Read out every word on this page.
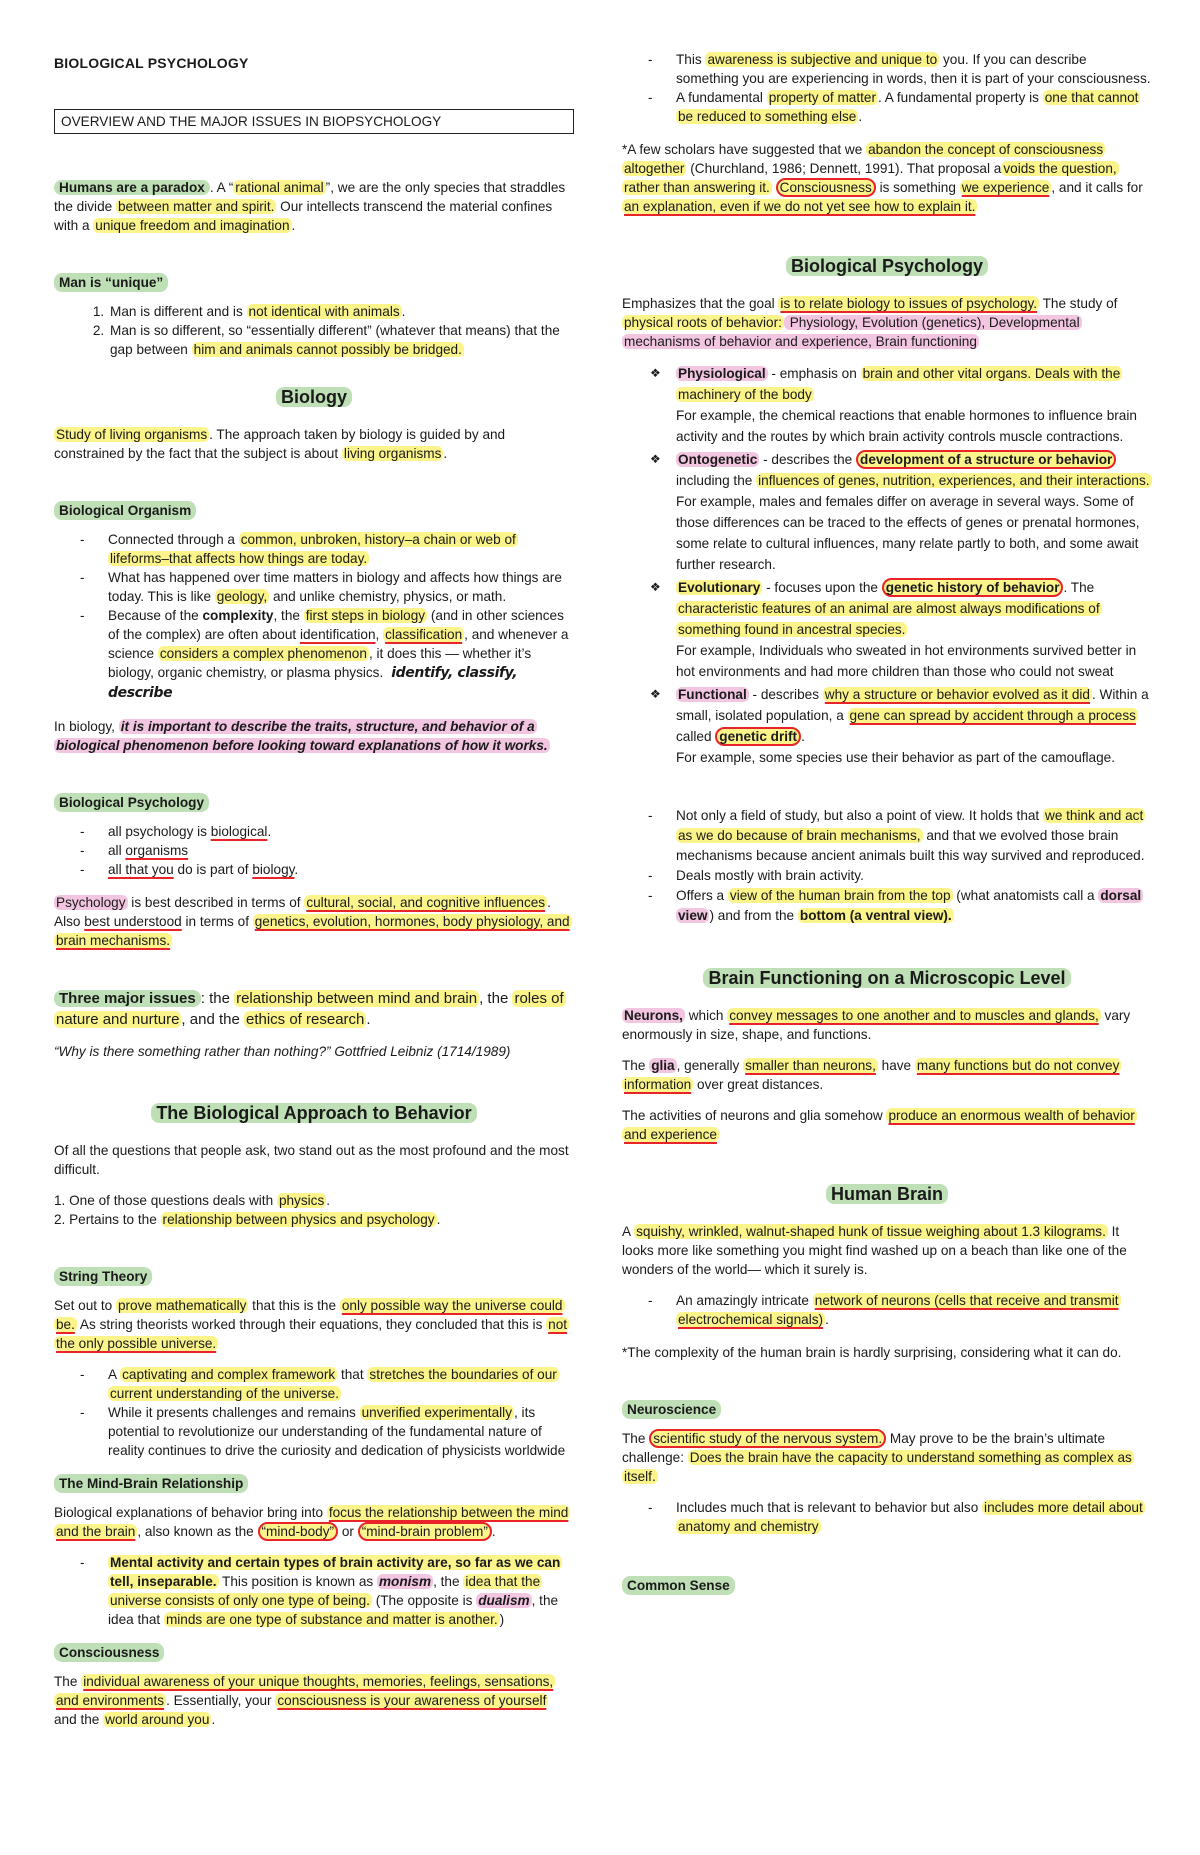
BIOLOGICAL PSYCHOLOGY
OVERVIEW AND THE MAJOR ISSUES IN BIOPSYCHOLOGY

Humans are a paradox . A “ rational animal ”, we are the only species that straddles the divide between matter and spirit. Our intellects transcend the material confines with a unique freedom and imagination .

Man is “unique”
1. Man is different and is not identical with animals .
2. Man is so different, so “essentially different” (whatever that means) that the gap between him and animals cannot possibly be bridged.
Biology

Study of living organisms . The approach taken by biology is guided by and constrained by the fact that the subject is about living organisms .

Biological Organism
- Connected through a common, unbroken, history–a chain or web of lifeforms–that affects how things are today.
- What has happened over time matters in biology and affects how things are today. This is like geology, and unlike chemistry, physics, or math.
- Because of the complexity, the first steps in biology (and in other sciences of the complex) are often about identification, classification , and whenever a science considers a complex phenomenon , it does this — whether it’s biology, organic chemistry, or plasma physics. identify, classify, describe

In biology, it is important to describe the traits, structure, and behavior of a biological phenomenon before looking toward explanations of how it works.

Biological Psychology
- all psychology is biological.
- all organisms
- all that you do is part of biology.

Psychology is best described in terms of cultural, social, and cognitive influences . Also best understood in terms of genetics, evolution, hormones, body physiology, and brain mechanisms.

Three major issues : the relationship between mind and brain , the roles of nature and nurture , and the ethics of research .

“Why is there something rather than nothing?” Gottfried Leibniz (1714/1989)

The Biological Approach to Behavior

Of all the questions that people ask, two stand out as the most profound and the most difficult.

1. One of those questions deals with physics .

2. Pertains to the relationship between physics and psychology .

String Theory

Set out to prove mathematically that this is the only possible way the universe could be. As string theorists worked through their equations, they concluded that this is not the only possible universe.

- A captivating and complex framework that stretches the boundaries of our current understanding of the universe.
- While it presents challenges and remains unverified experimentally , its potential to revolutionize our understanding of the fundamental nature of reality continues to drive the curiosity and dedication of physicists worldwide
The Mind-Brain Relationship

Biological explanations of behavior bring into focus the relationship between the mind and the brain , also known as the “mind-body” or “mind-brain problem” .

- Mental activity and certain types of brain activity are, so far as we can tell, inseparable. This position is known as monism , the idea that the universe consists of only one type of being. (The opposite is dualism , the idea that minds are one type of substance and matter is another. )
Consciousness

The individual awareness of your unique thoughts, memories, feelings, sensations, and environments . Essentially, your consciousness is your awareness of yourself and the world around you .

- This awareness is subjective and unique to you. If you can describe something you are experiencing in words, then it is part of your consciousness.
- A fundamental property of matter . A fundamental property is one that cannot be reduced to something else .

*A few scholars have suggested that we abandon the concept of consciousness altogether (Churchland, 1986; Dennett, 1991). That proposal a voids the question, rather than answering it. Consciousness is something we experience , and it calls for an explanation, even if we do not yet see how to explain it.

Biological Psychology

Emphasizes that the goal is to relate biology to issues of psychology. The study of physical roots of behavior: Physiology, Evolution (genetics), Developmental mechanisms of behavior and experience, Brain functioning

❖ Physiological - emphasis on brain and other vital organs. Deals with the machinery of the body
For example, the chemical reactions that enable hormones to influence brain activity and the routes by which brain activity controls muscle contractions.
❖ Ontogenetic - describes the development of a structure or behavior including the influences of genes, nutrition, experiences, and their interactions.
For example, males and females differ on average in several ways. Some of those differences can be traced to the effects of genes or prenatal hormones, some relate to cultural influences, many relate partly to both, and some await further research.
❖ Evolutionary - focuses upon the genetic history of behavior . The characteristic features of an animal are almost always modifications of something found in ancestral species.
For example, Individuals who sweated in hot environments survived better in hot environments and had more children than those who could not sweat
❖ Functional - describes why a structure or behavior evolved as it did . Within a small, isolated population, a gene can spread by accident through a process called genetic drift .
For example, some species use their behavior as part of the camouflage.
- Not only a field of study, but also a point of view. It holds that we think and act as we do because of brain mechanisms, and that we evolved those brain mechanisms because ancient animals built this way survived and reproduced.
- Deals mostly with brain activity.
- Offers a view of the human brain from the top (what anatomists call a dorsal view ) and from the bottom (a ventral view).
Brain Functioning on a Microscopic Level

Neurons, which convey messages to one another and to muscles and glands, vary enormously in size, shape, and functions.

The glia , generally smaller than neurons, have many functions but do not convey information over great distances.

The activities of neurons and glia somehow produce an enormous wealth of behavior and experience

Human Brain

A squishy, wrinkled, walnut-shaped hunk of tissue weighing about 1.3 kilograms. It looks more like something you might find washed up on a beach than like one of the wonders of the world— which it surely is.

- An amazingly intricate network of neurons (cells that receive and transmit electrochemical signals) .

*The complexity of the human brain is hardly surprising, considering what it can do.

Neuroscience

The scientific study of the nervous system. May prove to be the brain’s ultimate challenge: Does the brain have the capacity to understand something as complex as itself.

- Includes much that is relevant to behavior but also includes more detail about anatomy and chemistry
Common Sense
